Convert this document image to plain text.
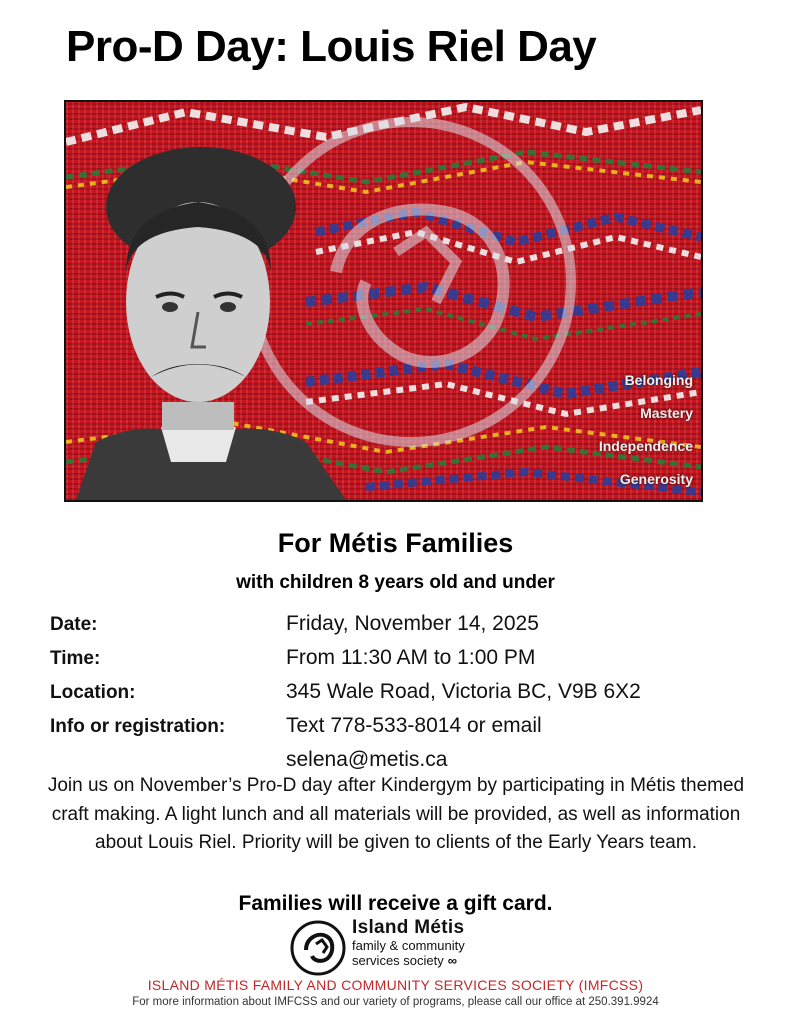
Pro-D Day: Louis Riel Day
Belonging
Mastery
Independence
Generosity
For Métis Families
with children 8 years old and under
Date:	Friday, November 14, 2025
Time:	From 11:30 AM to 1:00 PM
Location:	345 Wale Road, Victoria BC, V9B 6X2
Info or registration:	Text 778-533-8014 or email
selena@metis.ca
Join us on November’s Pro-D day after Kindergym by participating in Métis themed craft making. A light lunch and all materials will be provided, as well as information about Louis Riel. Priority will be given to clients of the Early Years team.
Families will receive a gift card.
Island Métis
family & community
services society ∞
ISLAND MÉTIS FAMILY AND COMMUNITY SERVICES SOCIETY (IMFCSS)
For more information about IMFCSS and our variety of programs, please call our office at 250.391.9924
